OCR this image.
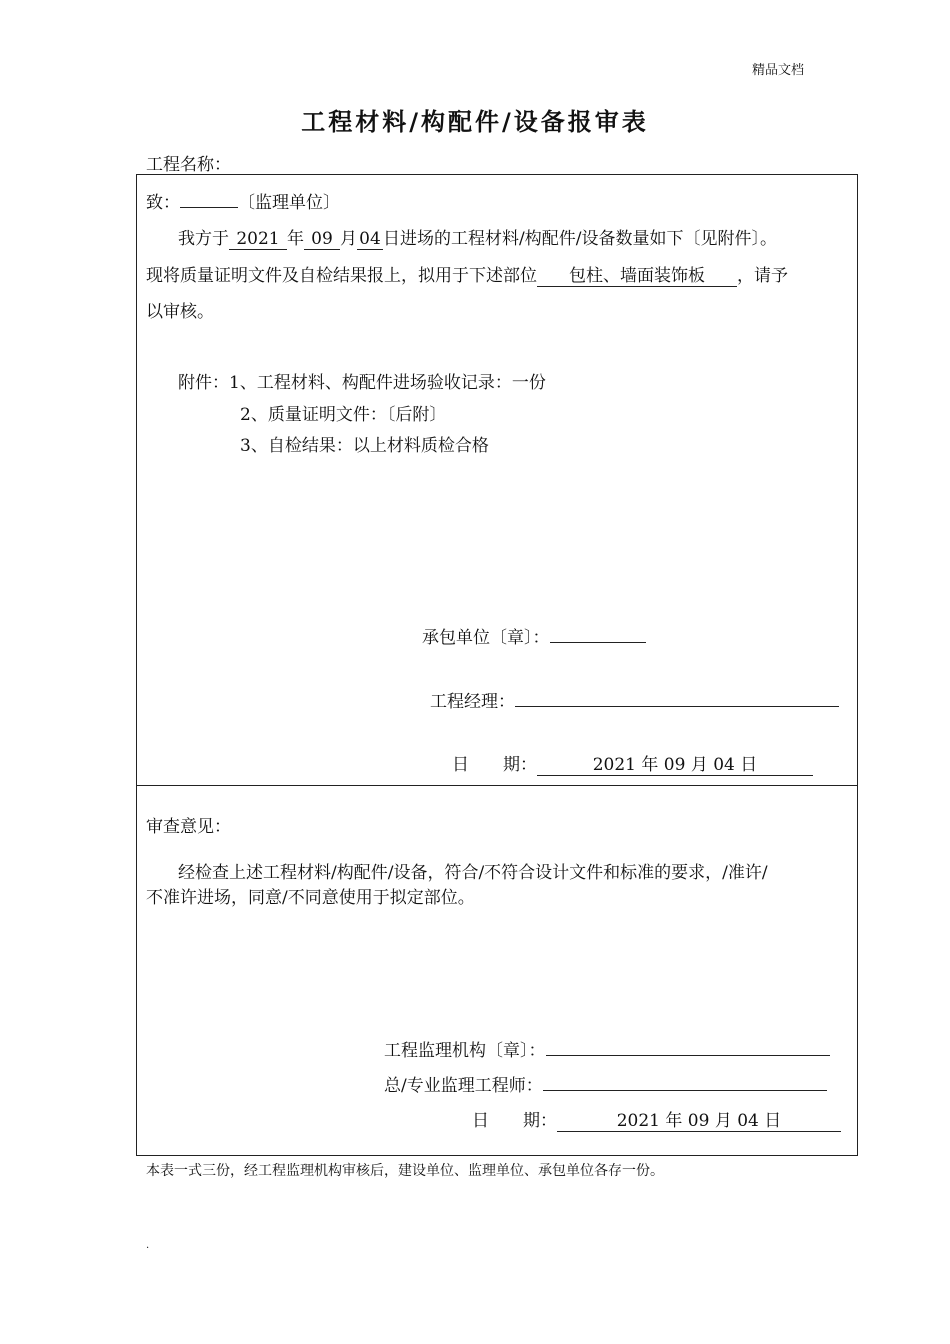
精品文档
工程材料/构配件/设备报审表
工程名称：
致：	〔监理单位〕
我方于 2021 年 09 月 04 日进场的工程材料/构配件/设备数量如下〔见附件〕。
现将质量证明文件及自检结果报上，拟用于下述部位 包柱、墙面装饰板 ，请予
以审核。
附件：1、工程材料、构配件进场验收记录：一份
2、质量证明文件：〔后附〕
3、自检结果：以上材料质检合格
承包单位〔章〕：
工程经理：
日　　期：	2021 年 09 月 04 日
审查意见：
经检查上述工程材料/构配件/设备，符合/不符合设计文件和标准的要求，/准许/
不准许进场，同意/不同意使用于拟定部位。
工程监理机构〔章〕：
总/专业监理工程师：
日　　期：	2021 年 09 月 04 日
本表一式三份，经工程监理机构审核后，建设单位、监理单位、承包单位各存一份。
.
